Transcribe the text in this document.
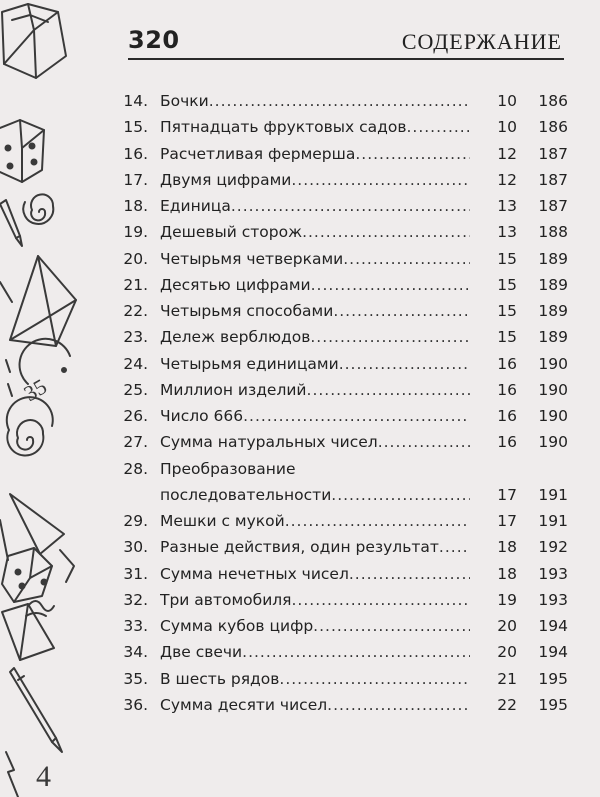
35
4
320	СОДЕРЖАНИЕ
14. Бочки .....	10	186
15. Пятнадцать фруктовых садов .....	10	186
16. Расчетливая фермерша .....	12	187
17. Двумя цифрами .....	12	187
18. Единица .....	13	187
19. Дешевый сторож .....	13	188
20. Четырьмя четверками .....	15	189
21. Десятью цифрами .....	15	189
22. Четырьмя способами .....	15	189
23. Дележ верблюдов .....	15	189
24. Четырьмя единицами .....	16	190
25. Миллион изделий .....	16	190
26. Число 666 .....	16	190
27. Сумма натуральных чисел .....	16	190
28. Преобразование
последовательности .....	17	191
29. Мешки с мукой .....	17	191
30. Разные действия, один результат .....	18	192
31. Сумма нечетных чисел .....	18	193
32. Три автомобиля .....	19	193
33. Сумма кубов цифр .....	20	194
34. Две свечи .....	20	194
35. В шесть рядов .....	21	195
36. Сумма десяти чисел .....	22	195
